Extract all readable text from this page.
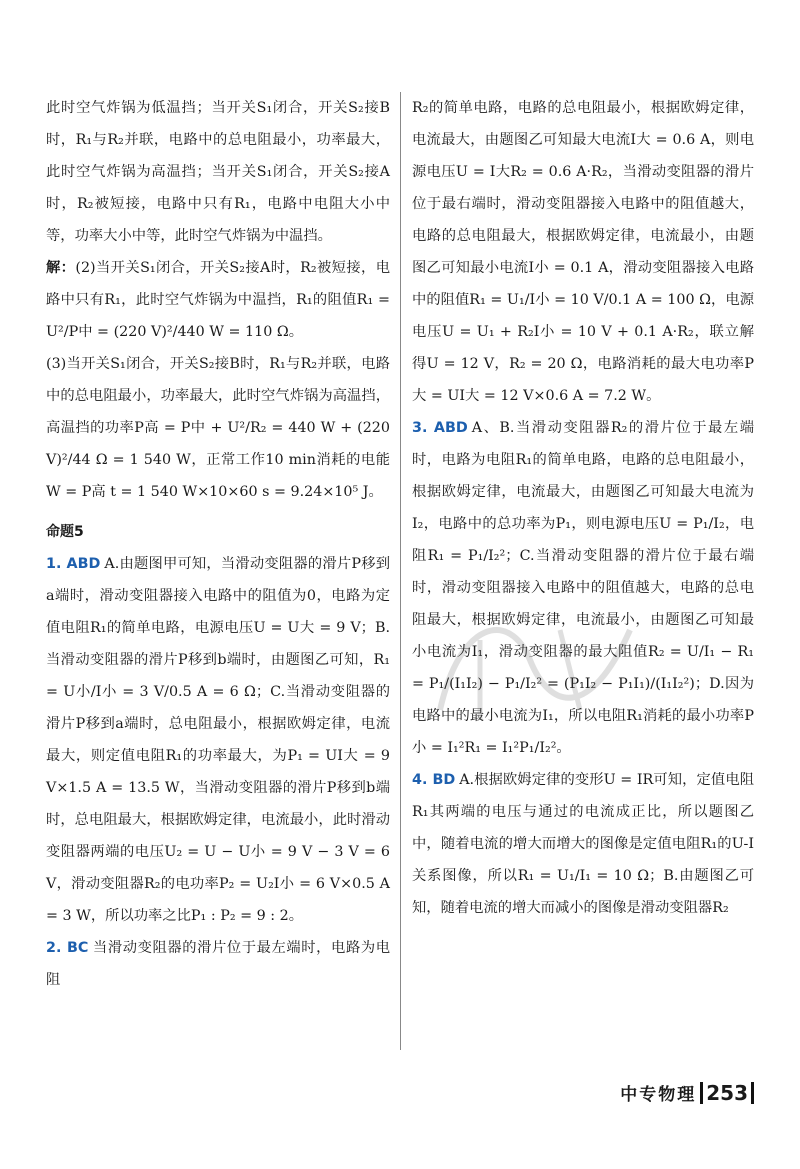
此时空气炸锅为低温挡；当开关S₁闭合，开关S₂接B时，R₁与R₂并联，电路中的总电阻最小，功率最大，此时空气炸锅为高温挡；当开关S₁闭合，开关S₂接A时，R₂被短接，电路中只有R₁，电路中电阻大小中等，功率大小中等，此时空气炸锅为中温挡。

解：(2)当开关S₁闭合，开关S₂接A时，R₂被短接，电路中只有R₁，此时空气炸锅为中温挡，R₁的阻值R₁ = U²/P中 = (220 V)²/440 W = 110 Ω。

(3)当开关S₁闭合，开关S₂接B时，R₁与R₂并联，电路中的总电阻最小，功率最大，此时空气炸锅为高温挡，高温挡的功率P高 = P中 + U²/R₂ = 440 W + (220 V)²/44 Ω = 1 540 W，正常工作10 min消耗的电能W = P高 t = 1 540 W×10×60 s = 9.24×10⁵ J。

命题5

1. ABD A.由题图甲可知，当滑动变阻器的滑片P移到a端时，滑动变阻器接入电路中的阻值为0，电路为定值电阻R₁的简单电路，电源电压U = U大 = 9 V；B.当滑动变阻器的滑片P移到b端时，由题图乙可知，R₁ = U小/I小 = 3 V/0.5 A = 6 Ω；C.当滑动变阻器的滑片P移到a端时，总电阻最小，根据欧姆定律，电流最大，则定值电阻R₁的功率最大，为P₁ = UI大 = 9 V×1.5 A = 13.5 W，当滑动变阻器的滑片P移到b端时，总电阻最大，根据欧姆定律，电流最小，此时滑动变阻器两端的电压U₂ = U − U小 = 9 V − 3 V = 6 V，滑动变阻器R₂的电功率P₂ = U₂I小 = 6 V×0.5 A = 3 W，所以功率之比P₁ : P₂ = 9 : 2。

2. BC 当滑动变阻器的滑片位于最左端时，电路为电阻

R₂的简单电路，电路的总电阻最小，根据欧姆定律，电流最大，由题图乙可知最大电流I大 = 0.6 A，则电源电压U = I大R₂ = 0.6 A·R₂，当滑动变阻器的滑片位于最右端时，滑动变阻器接入电路中的阻值越大，电路的总电阻最大，根据欧姆定律，电流最小，由题图乙可知最小电流I小 = 0.1 A，滑动变阻器接入电路中的阻值R₁ = U₁/I小 = 10 V/0.1 A = 100 Ω，电源电压U = U₁ + R₂I小 = 10 V + 0.1 A·R₂，联立解得U = 12 V，R₂ = 20 Ω，电路消耗的最大电功率P大 = UI大 = 12 V×0.6 A = 7.2 W。

3. ABD A、B.当滑动变阻器R₂的滑片位于最左端时，电路为电阻R₁的简单电路，电路的总电阻最小，根据欧姆定律，电流最大，由题图乙可知最大电流为I₂，电路中的总功率为P₁，则电源电压U = P₁/I₂，电阻R₁ = P₁/I₂²；C.当滑动变阻器的滑片位于最右端时，滑动变阻器接入电路中的阻值越大，电路的总电阻最大，根据欧姆定律，电流最小，由题图乙可知最小电流为I₁，滑动变阻器的最大阻值R₂ = U/I₁ − R₁ = P₁/(I₁I₂) − P₁/I₂² = (P₁I₂ − P₁I₁)/(I₁I₂²)；D.因为电路中的最小电流为I₁，所以电阻R₁消耗的最小功率P小 = I₁²R₁ = I₁²P₁/I₂²。

4. BD A.根据欧姆定律的变形U = IR可知，定值电阻R₁其两端的电压与通过的电流成正比，所以题图乙中，随着电流的增大而增大的图像是定值电阻R₁的U-I关系图像，所以R₁ = U₁/I₁ = 10 Ω；B.由题图乙可知，随着电流的增大而减小的图像是滑动变阻器R₂

中专物理 253
